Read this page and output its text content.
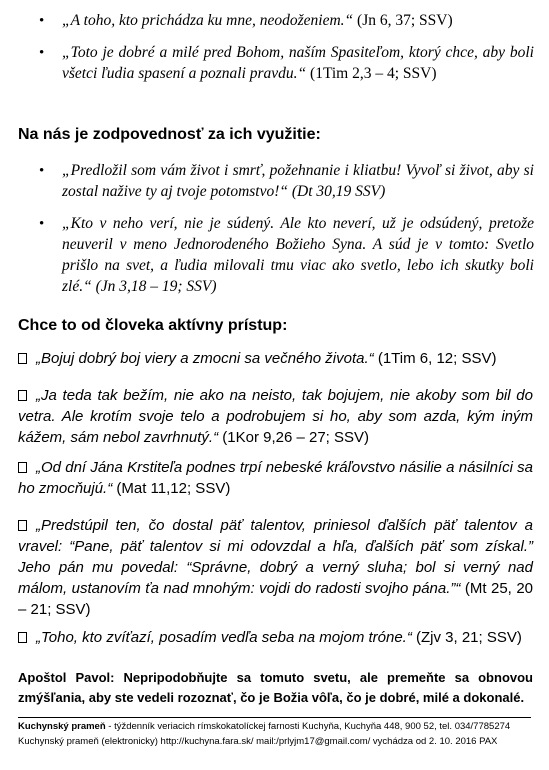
• „A toho, kto prichádza ku mne, neodoženiem.“ (Jn 6, 37; SSV)
• „Toto je dobré a milé pred Bohom, naším Spasiteľom, ktorý chce, aby boli všetci ľudia spasení a poznali pravdu.“ (1Tim 2,3 – 4; SSV)
Na nás je zodpovednosť za ich využitie:
• „Predložil som vám život i smrť, požehnanie i kliatbu! Vyvoľ si život, aby si zostal nažive ty aj tvoje potomstvo!“ (Dt 30,19 SSV)
• „Kto v neho verí, nie je súdený. Ale kto neverí, už je odsúdený, pretože neuveril v meno Jednorodeného Božieho Syna. A súd je v tomto: Svetlo prišlo na svet, a ľudia milovali tmu viac ako svetlo, lebo ich skutky boli zlé.“ (Jn 3,18 – 19; SSV)
Chce to od človeka aktívny prístup:
„Bojuj dobrý boj viery a zmocni sa večného života.“ (1Tim 6, 12; SSV)
„Ja teda tak bežím, nie ako na neisto, tak bojujem, nie akoby som bil do vetra. Ale krotím svoje telo a podrobujem si ho, aby som azda, kým iným kážem, sám nebol zavrhnutý.“ (1Kor 9,26 – 27; SSV)
„Od dní Jána Krstiteľa podnes trpí nebeské kráľovstvo násilie a násilníci sa ho zmocňujú.“ (Mat 11,12; SSV)
„Predstúpil ten, čo dostal päť talentov, priniesol ďalších päť talentov a vravel: “Pane, päť talentov si mi odovzdal a hľa, ďalších päť som získal.” Jeho pán mu povedal: “Správne, dobrý a verný sluha; bol si verný nad málom, ustanovím ťa nad mnohým: vojdi do radosti svojho pána.”“ (Mt 25, 20 – 21; SSV)
„Toho, kto zvíťazí, posadím vedľa seba na mojom tróne.“ (Zjv 3, 21; SSV)
Apoštol Pavol: Nepripodobňujte sa tomuto svetu, ale premeňte sa obnovou zmýšľania, aby ste vedeli rozoznať, čo je Božia vôľa, čo je dobré, milé a dokonalé.
Kuchynský prameň - týždenník veriacich rímskokatolíckej farnosti Kuchyňa, Kuchyňa 448, 900 52, tel. 034/7785274
Kuchynský prameň (elektronicky) http://kuchyna.fara.sk/ mail:/prlyjm17@gmail.com/ vychádza od 2. 10. 2016 PAX
